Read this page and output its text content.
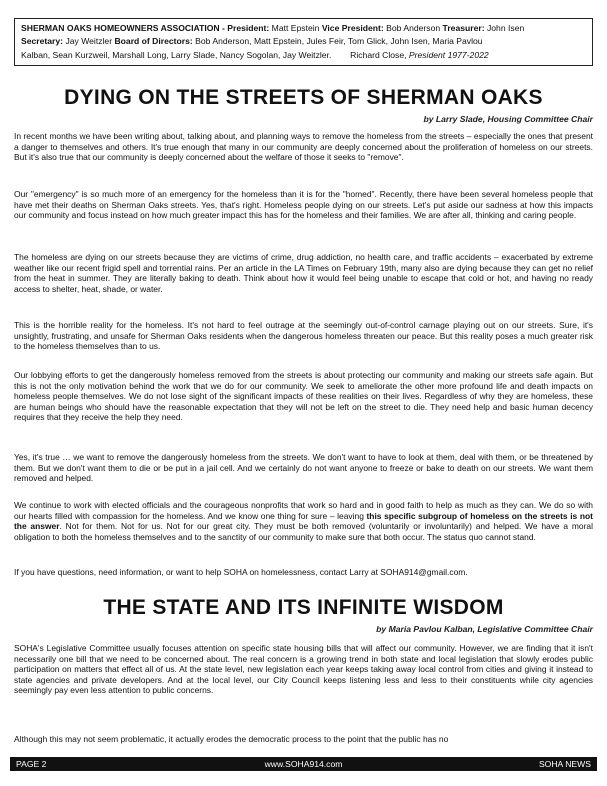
SHERMAN OAKS HOMEOWNERS ASSOCIATION - President: Matt Epstein Vice President: Bob Anderson Treasurer: John Isen
Secretary: Jay Weitzler Board of Directors: Bob Anderson, Matt Epstein, Jules Feir, Tom Glick, John Isen, Maria Pavlou
Kalban, Sean Kurzweil, Marshall Long, Larry Slade, Nancy Sogolan, Jay Weitzler. Richard Close, President 1977-2022
DYING ON THE STREETS OF SHERMAN OAKS
by Larry Slade, Housing Committee Chair

In recent months we have been writing about, talking about, and planning ways to remove the homeless from the streets – especially the ones that present a danger to themselves and others. It's true enough that many in our community are deeply concerned about the proliferation of homeless on our streets. But it's also true that our community is deeply concerned about the welfare of those it seeks to "remove".

Our "emergency" is so much more of an emergency for the homeless than it is for the "homed". Recently, there have been several homeless people that have met their deaths on Sherman Oaks streets. Yes, that's right. Homeless people dying on our streets. Let's put aside our sadness at how this impacts our community and focus instead on how much greater impact this has for the homeless and their families. We are after all, thinking and caring people.

The homeless are dying on our streets because they are victims of crime, drug addiction, no health care, and traffic accidents – exacerbated by extreme weather like our recent frigid spell and torrential rains. Per an article in the LA Times on February 19th, many also are dying because they can get no relief from the heat in summer. They are literally baking to death. Think about how it would feel being unable to escape that cold or hot, and having no ready access to shelter, heat, shade, or water.

This is the horrible reality for the homeless. It's not hard to feel outrage at the seemingly out-of-control carnage playing out on our streets. Sure, it's unsightly, frustrating, and unsafe for Sherman Oaks residents when the dangerous homeless threaten our peace. But this reality poses a much greater risk to the homeless themselves than to us.

Our lobbying efforts to get the dangerously homeless removed from the streets is about protecting our community and making our streets safe again. But this is not the only motivation behind the work that we do for our community. We seek to ameliorate the other more profound life and death impacts on homeless people themselves. We do not lose sight of the significant impacts of these realities on their lives. Regardless of why they are homeless, these are human beings who should have the reasonable expectation that they will not be left on the street to die. They need help and basic human decency requires that they receive the help they need.

Yes, it's true … we want to remove the dangerously homeless from the streets. We don't want to have to look at them, deal with them, or be threatened by them. But we don't want them to die or be put in a jail cell. And we certainly do not want anyone to freeze or bake to death on our streets. We want them removed and helped.

We continue to work with elected officials and the courageous nonprofits that work so hard and in good faith to help as much as they can. We do so with our hearts filled with compassion for the homeless. And we know one thing for sure – leaving this specific subgroup of homeless on the streets is not the answer. Not for them. Not for us. Not for our great city. They must be both removed (voluntarily or involuntarily) and helped. We have a moral obligation to both the homeless themselves and to the sanctity of our community to make sure that both occur. The status quo cannot stand.

If you have questions, need information, or want to help SOHA on homelessness, contact Larry at SOHA914@gmail.com.

THE STATE AND ITS INFINITE WISDOM
by Maria Pavlou Kalban, Legislative Committee Chair

SOHA's Legislative Committee usually focuses attention on specific state housing bills that will affect our community. However, we are finding that it isn't necessarily one bill that we need to be concerned about. The real concern is a growing trend in both state and local legislation that slowly erodes public participation on matters that effect all of us. At the state level, new legislation each year keeps taking away local control from cities and giving it instead to state agencies and private developers. And at the local level, our City Council keeps listening less and less to their constituents while city agencies seemingly pay even less attention to public concerns.

Although this may not seem problematic, it actually erodes the democratic process to the point that the public has no

www.SOHA914.com
PAGE 2	SOHA NEWS
